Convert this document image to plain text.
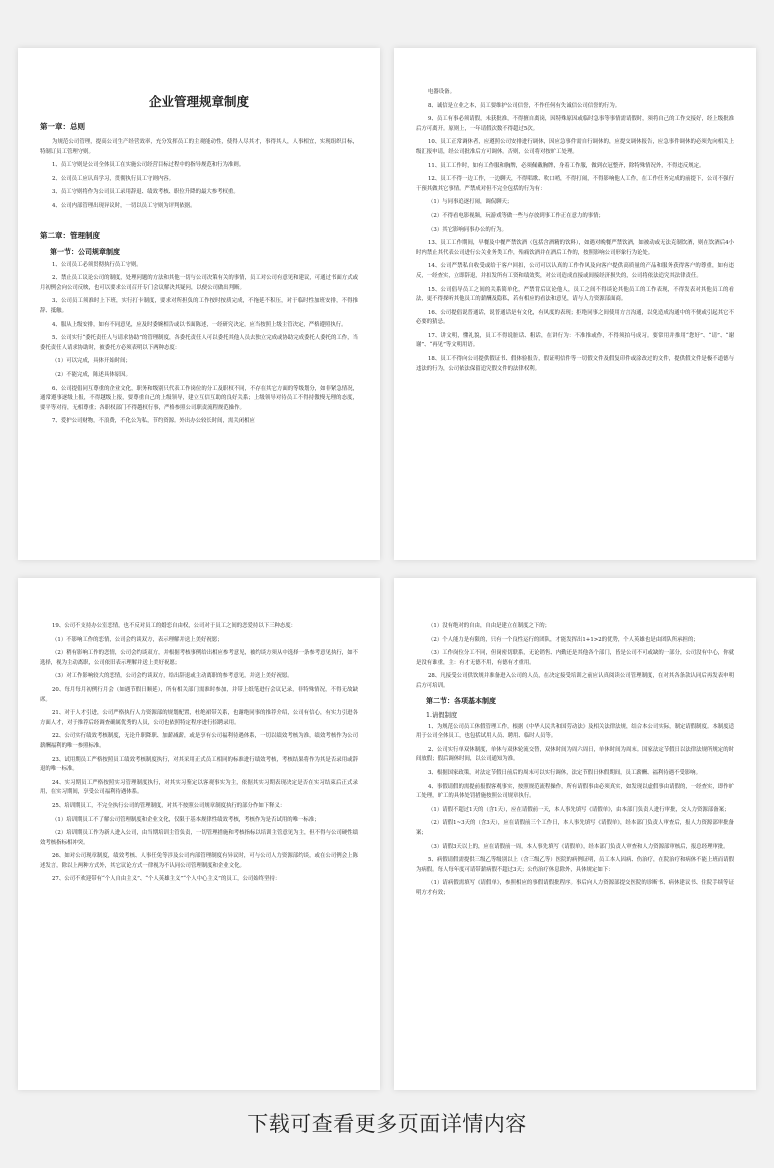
企业管理规章制度
第一章：总则

为规范公司管理，提高公司生产经营效率，充分发挥员工的主观能动性，使得人尽其才，事得其人，人事相宜，实现组织目标，特制订员工管理守则。

1、员工守则是公司全体员工在实施公司经营目标过程中的指导规范和行为准则。

2、公司员工应认真学习，贯彻执行员工守则内容。

3、员工守则将作为公司员工录用辞退、绩效考核、职位升降的最大参考权重。

4、公司内部管理出现异议时，一切以员工守则为评判依据。

第二章：管理制度
第一节：公司规章制度

1、公司员工必须贯彻执行员工守则。

2、禁止员工议论公司的制度，处理问题的方法和其他一切与公司决策有关的事情，员工对公司有意见和建议，可通过书面方式或月初例会向公司反映，也可以要求公司召开专门会议解决其疑问，以便公司做出判断。

3、公司员工须准时上下班，实行打卡制度，要求对所担负的工作按时按质完成，不拖延不积压，对于临时性加班安排，不得推辞、抵触。

4、服从上级安排，如有不同意见，应及时委婉相告或以书面陈述，一经研究决定，应当按照上级主管决定，严格遵照执行。

5、公司实行“委托责任人与请求协助”的管理制度，各委托责任人可以委托其他人员去独立完成或协助完成委托人委托的工作，当委托责任人请求协助时，被委托方必须表明以下两种态度：

（1）可以完成，具体开始时间；

（2）不能完成，陈述具体原因。

6、公司提倡同互尊重的企业文化，职务和级别只代表工作岗位的分工及职权不同，不存在其它方面的等级划分，如非紧急情况，通常遵事逐级上报，不得越级上报，要尊重自己的上级领导，建立互信互助的良好关系；上级领导对待员工不得持傲慢无理的态度，要平等对待，无相尊重；各职权部门不得越权行事，严格参照公司职责流程规范操作。

7、爱护公司财物，不浪费，不化公为私，节约资源。外出办公较长时间，需关闭相应

电器设备。

8、诚信是立业之本，员工要维护公司信誉，不作任何有失诚信公司信誉的行为。

9、员工有事必须请假，未获批准，不得擅自离岗，因特殊原因或临时急事等事情需请假时，须将自己的工作交接好，经上级批准后方可离开。原则上，一年请假次数不得超过5次。

10、员工正常调休者，应遵照公司安排进行调休，因应急事件需自行调休的，应提交调休报告，应急事件调休的必须先向相关上级汇报申请，经公司批准后方可调休。否则，公司将对按旷工处理。

11、员工工作时，如有工作服和胸牌，必须佩戴胸牌，身着工作服，做到衣冠整齐，除特殊情况外，不得违反规定。

12、员工不得一边工作，一边聊天，不得唱歌、吹口哨，不得打闹，不得影响他人工作，在工作任务完成的前提下，公司不强行干预其做其它事情。严禁成对但不完全包括的行为有：

（1）与同事追逐打闹，调侃聊天；

（2）不得看电影视频，玩游戏等做一些与存放到事工作正在意力的事情；

（3）其它影响同事办公的行为。

13、员工工作期间，早餐及中餐严禁饮酒（包括含酒精的饮料），如遇对晚餐严禁饮酒，如被动或无法克制饮酒，则在饮酒后4小时内禁止其代表公司进行公关业务类工作，殆痛饮酒并在酒后工作的，按照影响公司形象行为论处。

14、公司严禁私自收受或给于客户回扣，公司可以认真的工作作风及向客户提供高质量的产品和服务获得客户的尊重，如有违反，一经查实，立即辞退，并扣发所有工资和绩效奖，对公司造成直接或间接经济损失的，公司将依法追究其法律责任。

15、公司倡导员工之间的关系简单化，严禁背后议论他人，员工之间不得谈论其他员工的工作表现，不得发表对其他员工的看法，更不得探听其他员工的薪酬及隐私，若有相应的看法和意见，请与人力资源部面商。

16、公司提倡说普通话，说普通话是有文化，有风度的表现；拒绝同事之间使用方言沟通，以免造成沟通中的不便或引起其它不必要的猜忌。

17、讲文明，懂礼貌，员工不得说脏话、粗话，在讲行为：不准推或作，不得须拍马成习。要常用并推用“您好”、“请”、“谢谢”、“再见”等文明用语。

18、员工不得向公司提供假证书、假体验报告，假证明信件等一切假文件及假复印件或涂改过的文件，提供假文件是极不道德与违法的行为，公司依法保留追究假文件的法律权利。

19、公司不支持办公室恋情，也不反对员工的婚恋自由权，公司对于员工之间的恋爱持以下三种态度：

（1）不影响工作的恋情，公司会约谈双方，表示理解并送上美好祝愿；

（2）稍有影响工作的恋情，公司会约谈双方，并根据考核事例给出相应参考意见，被约谈方须从中选择一条参考意见执行，如不选择，视为主动离职，公司依旧表示理解并送上美好祝愿；

（3）对工作影响较大的恋情，公司会约谈双方，给出辞退或主动离职的参考意见，并送上美好祝愿。

20、每月每月初例行月会（如遇节假日顺延），所有相关部门需准时参加，并带上纸笔进行会议记录，非特殊情况，不得无故缺席。

21、对于人才引进，公司严格执行人力资源部的规划配置，杜绝裙带关系，也谢绝同事的推荐介绍，公司有信心，有实力引进各方面人才，对于推荐后经调查确属优秀的人员，公司也依照特定程序进行招聘录用。

22、公司实行绩效考核制度，无论升职降职、加薪减薪，或是享有公司福利待遇体系，一切以绩效考核为准，绩效考核作为公司薪酬福利的唯一参照标准。

23、试用期员工严格按照员工绩效考核制度执行，对其采用正式员工相同的标准进行绩效考核，考核结果将作为其是否录用或辞退的唯一标准。

24、实习期员工严格按照实习管理制度执行，对其实习鉴定以客观事实为主，依据其实习期表现决定是否在实习结束后正式录用，在实习期间，享受公司福利待遇体系。

25、培训期员工，不完全执行公司的管理制度，对其不按照公司规章制度执行的部分作如下释义：

（1）培训期员工不了解公司管理制度和企业文化，仅限于基本规律性绩效考核，考核作为是否试用的唯一标准；

（2）培训期员工作为新人进入公司，由当期培训主管负责，一切管理措施和考核指标以培训主管意见为主，但不得与公司硬性绩效考核指标相冲突。

26、如对公司现章制度，绩效考核、人事任免等涉及公司内部管理制度有异议时，可与公司人力资源部约谈，或在公司例会上陈述发言，除以上两种方式外，其它议论方式一律视为不认同公司管理制度和企业文化。

27、公司不欢迎带有“个人自由主义”、“个人英雄主义”“个人中心主义”的员工，公司始终坚持：

（1）没有绝对的自由，自由是建立在制度之下的；

（2）个人能力是有限的，只有一个良性运行的团队，才能发挥出1+1>2的优势，个人英雄也是由团队所承担的；

（3）工作岗位分工不同，但岗密切联系，无论销售、内勤还是其他各个部门，皆是公司不可或缺的一部分，公司没有中心，你就是没有谁重，主：有才无德不用，有德有才重用。

28、凡接受公司供饮规并准备进入公司的人员，在决定接受培训之前应认真阅读公司管理制度，在对其各条款认同后再发表申明后方可培训。

第二节：各项基本制度
1.请假制度

1、为规范公司员工休假管理工作，根据《中华人民共和国劳动法》及相关法律法规，结合本公司实际，制定请假制度。本制度适用于公司全体员工，也包括试用人员、聘用、临时人员等。

2、公司实行单双休制度，单休与双休轮流交替，双休时间为周六周日，单休时间为周末。国家法定节假日以法律法规所规定的时间放假；假后调休时间，以公司通知为准。

3、根据国家政策，对法定节假日前后的周末可以实行调休，法定节假日休假期间，员工薪酬、福利待遇不受影响。

4、事假请假的需提前报假客观事实，按照规范流程操作，所有请假事由必须真实，如发现以虚假事由请假的，一经查实，即作旷工处理，旷工的具体处罚措施按照公司规章执行。

（1）请假不超过1天的（含1天），应在请假前一天，本人事先填写《请假单》，由本部门负责人进行审批，交人力资源部备案；

（2）请假1~3天的（含3天），应在请假前三个工作日，本人事先填写《请假单》，经本部门负责人审查后，报人力资源部审批备案；

（3）请假3天以上的，应在请假前一周，本人事先填写《请假单》，经本部门负责人审查和人力资源部审核后，报总经理审批。

5、病假请假需提供三级乙等级别以上（含三级乙等）医院的病例证明，员工本人因病、伤治疗，在院治疗和病休不能上班而请假为病假。每人每年度可请带薪病假不超过3天；公伤治疗休息除外，具体规定如下：

（1）请病假需填写《请假单》，参照相应的事假请假批程序。事后向人力资源部提交医院的诊断书、病休建议书、住院手续等证明方才有效；

下载可查看更多页面详情内容
